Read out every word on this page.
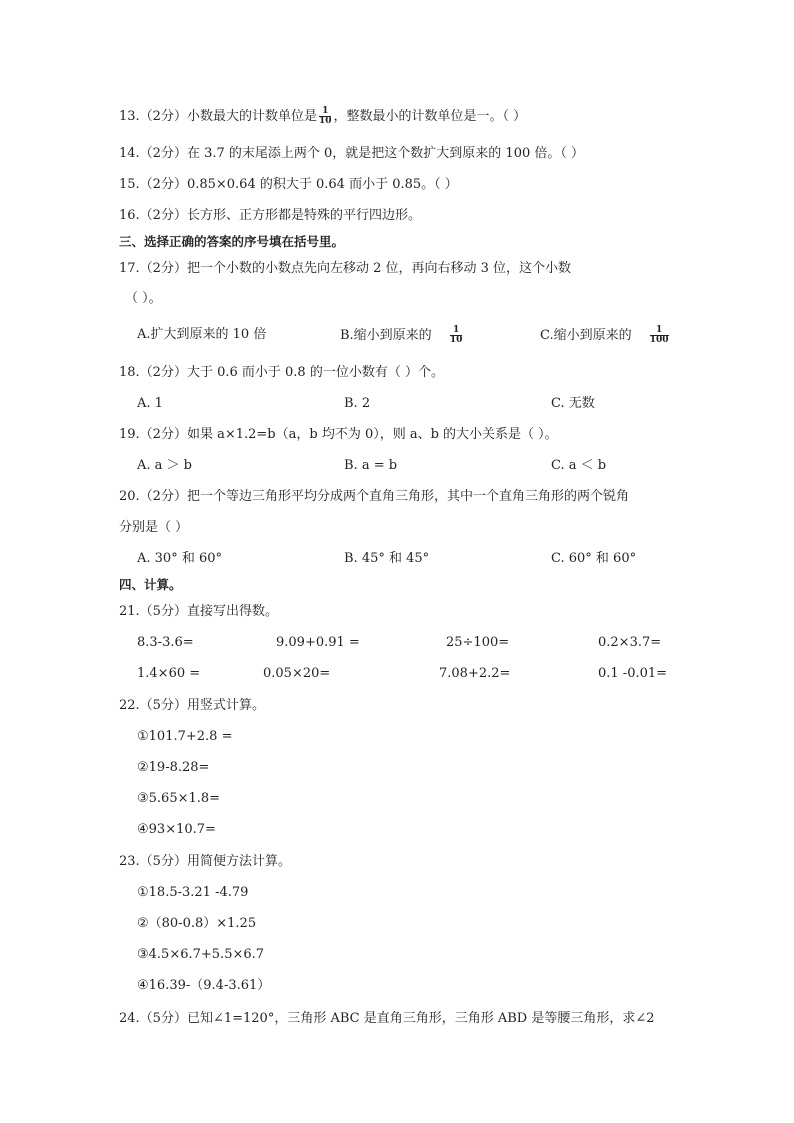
13.（2分）小数最大的计数单位是 $\frac{1}{10}$ ，整数最小的计数单位是一。（ ）
14.（2分）在 3.7 的末尾添上两个 0，就是把这个数扩大到原来的 100 倍。（ ）
15.（2分）0.85×0.64 的积大于 0.64 而小于 0.85。（ ）
16.（2分）长方形、正方形都是特殊的平行四边形。
三、选择正确的答案的序号填在括号里。
17.（2分）把一个小数的小数点先向左移动 2 位，再向右移动 3 位，这个小数
（ ）。
A.扩大到原来的 10 倍	B.缩小到原来的 $\frac{1}{10}$	C.缩小到原来的 $\frac{1}{100}$
18.（2分）大于 0.6 而小于 0.8 的一位小数有（ ）个。
A. 1	B. 2	C. 无数
19.（2分）如果 a×1.2=b（a，b 均不为 0），则 a、b 的大小关系是（ ）。
A. a ＞ b	B. a = b	C. a ＜ b
20.（2分）把一个等边三角形平均分成两个直角三角形，其中一个直角三角形的两个锐角
分别是（ ）
A. 30° 和 60°	B. 45° 和 45°	C. 60° 和 60°
四、计算。
21.（5分）直接写出得数。
8.3-3.6=	9.09+0.91 =	25÷100=	0.2×3.7=
1.4×60 =	0.05×20=	7.08+2.2=	0.1 -0.01=
22.（5分）用竖式计算。
①101.7+2.8 =
②19-8.28=
③5.65×1.8=
④93×10.7=
23.（5分）用简便方法计算。
①18.5-3.21 -4.79
②（80-0.8）×1.25
③4.5×6.7+5.5×6.7
④16.39-（9.4-3.61）
24.（5分）已知∠1=120°，三角形 ABC 是直角三角形，三角形 ABD 是等腰三角形，求∠2
